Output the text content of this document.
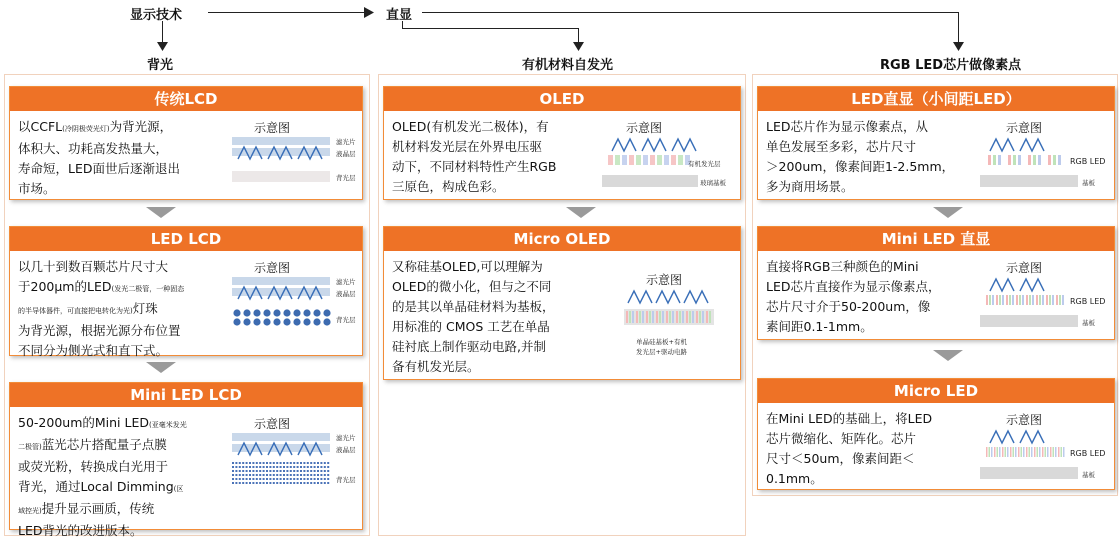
显示技术	直显
背光	有机材料自发光	RGB LED芯片做像素点
传统LCD
以CCFL(冷阴极荧光灯)为背光源，
体积大、功耗高发热量大，
寿命短，LED面世后逐渐退出
市场。
示意图
滤光片
液晶层
背光层
LED LCD
以几十到数百颗芯片尺寸大
于200μm的LED(发光二极管，一种固态
的半导体器件，可直接把电转化为光)灯珠
为背光源，根据光源分布位置
不同分为侧光式和直下式。
示意图
滤光片
液晶层
背光层
Mini LED LCD
50-200um的Mini LED(亚毫米发光
二极管)蓝光芯片搭配量子点膜
或荧光粉，转换成白光用于
背光，通过Local Dimming(区
域控光)提升显示画质，传统
LED背光的改进版本。
示意图
滤光片
液晶层
背光层
OLED
OLED(有机发光二极体)，有
机材料发光层在外界电压驱
动下，不同材料特性产生RGB
三原色，构成色彩。
示意图
有机发光层
玻璃基板
Micro OLED
又称硅基OLED,可以理解为
OLED的微小化，但与之不同
的是其以单晶硅材料为基板，
用标准的 CMOS 工艺在单晶
硅衬底上制作驱动电路,并制
备有机发光层。
示意图
单晶硅基板+有机
发光层+驱动电路
LED直显（小间距LED）
LED芯片作为显示像素点，从
单色发展至多彩，芯片尺寸
＞200um，像素间距1-2.5mm，
多为商用场景。
示意图
RGB LED
基板
Mini LED 直显
直接将RGB三种颜色的Mini
LED芯片直接作为显示像素点，
芯片尺寸介于50-200um，像
素间距0.1-1mm。
示意图
RGB LED
基板
Micro LED
在Mini LED的基础上，将LED
芯片微缩化、矩阵化。芯片
尺寸＜50um，像素间距＜
0.1mm。
示意图
RGB LED
基板
